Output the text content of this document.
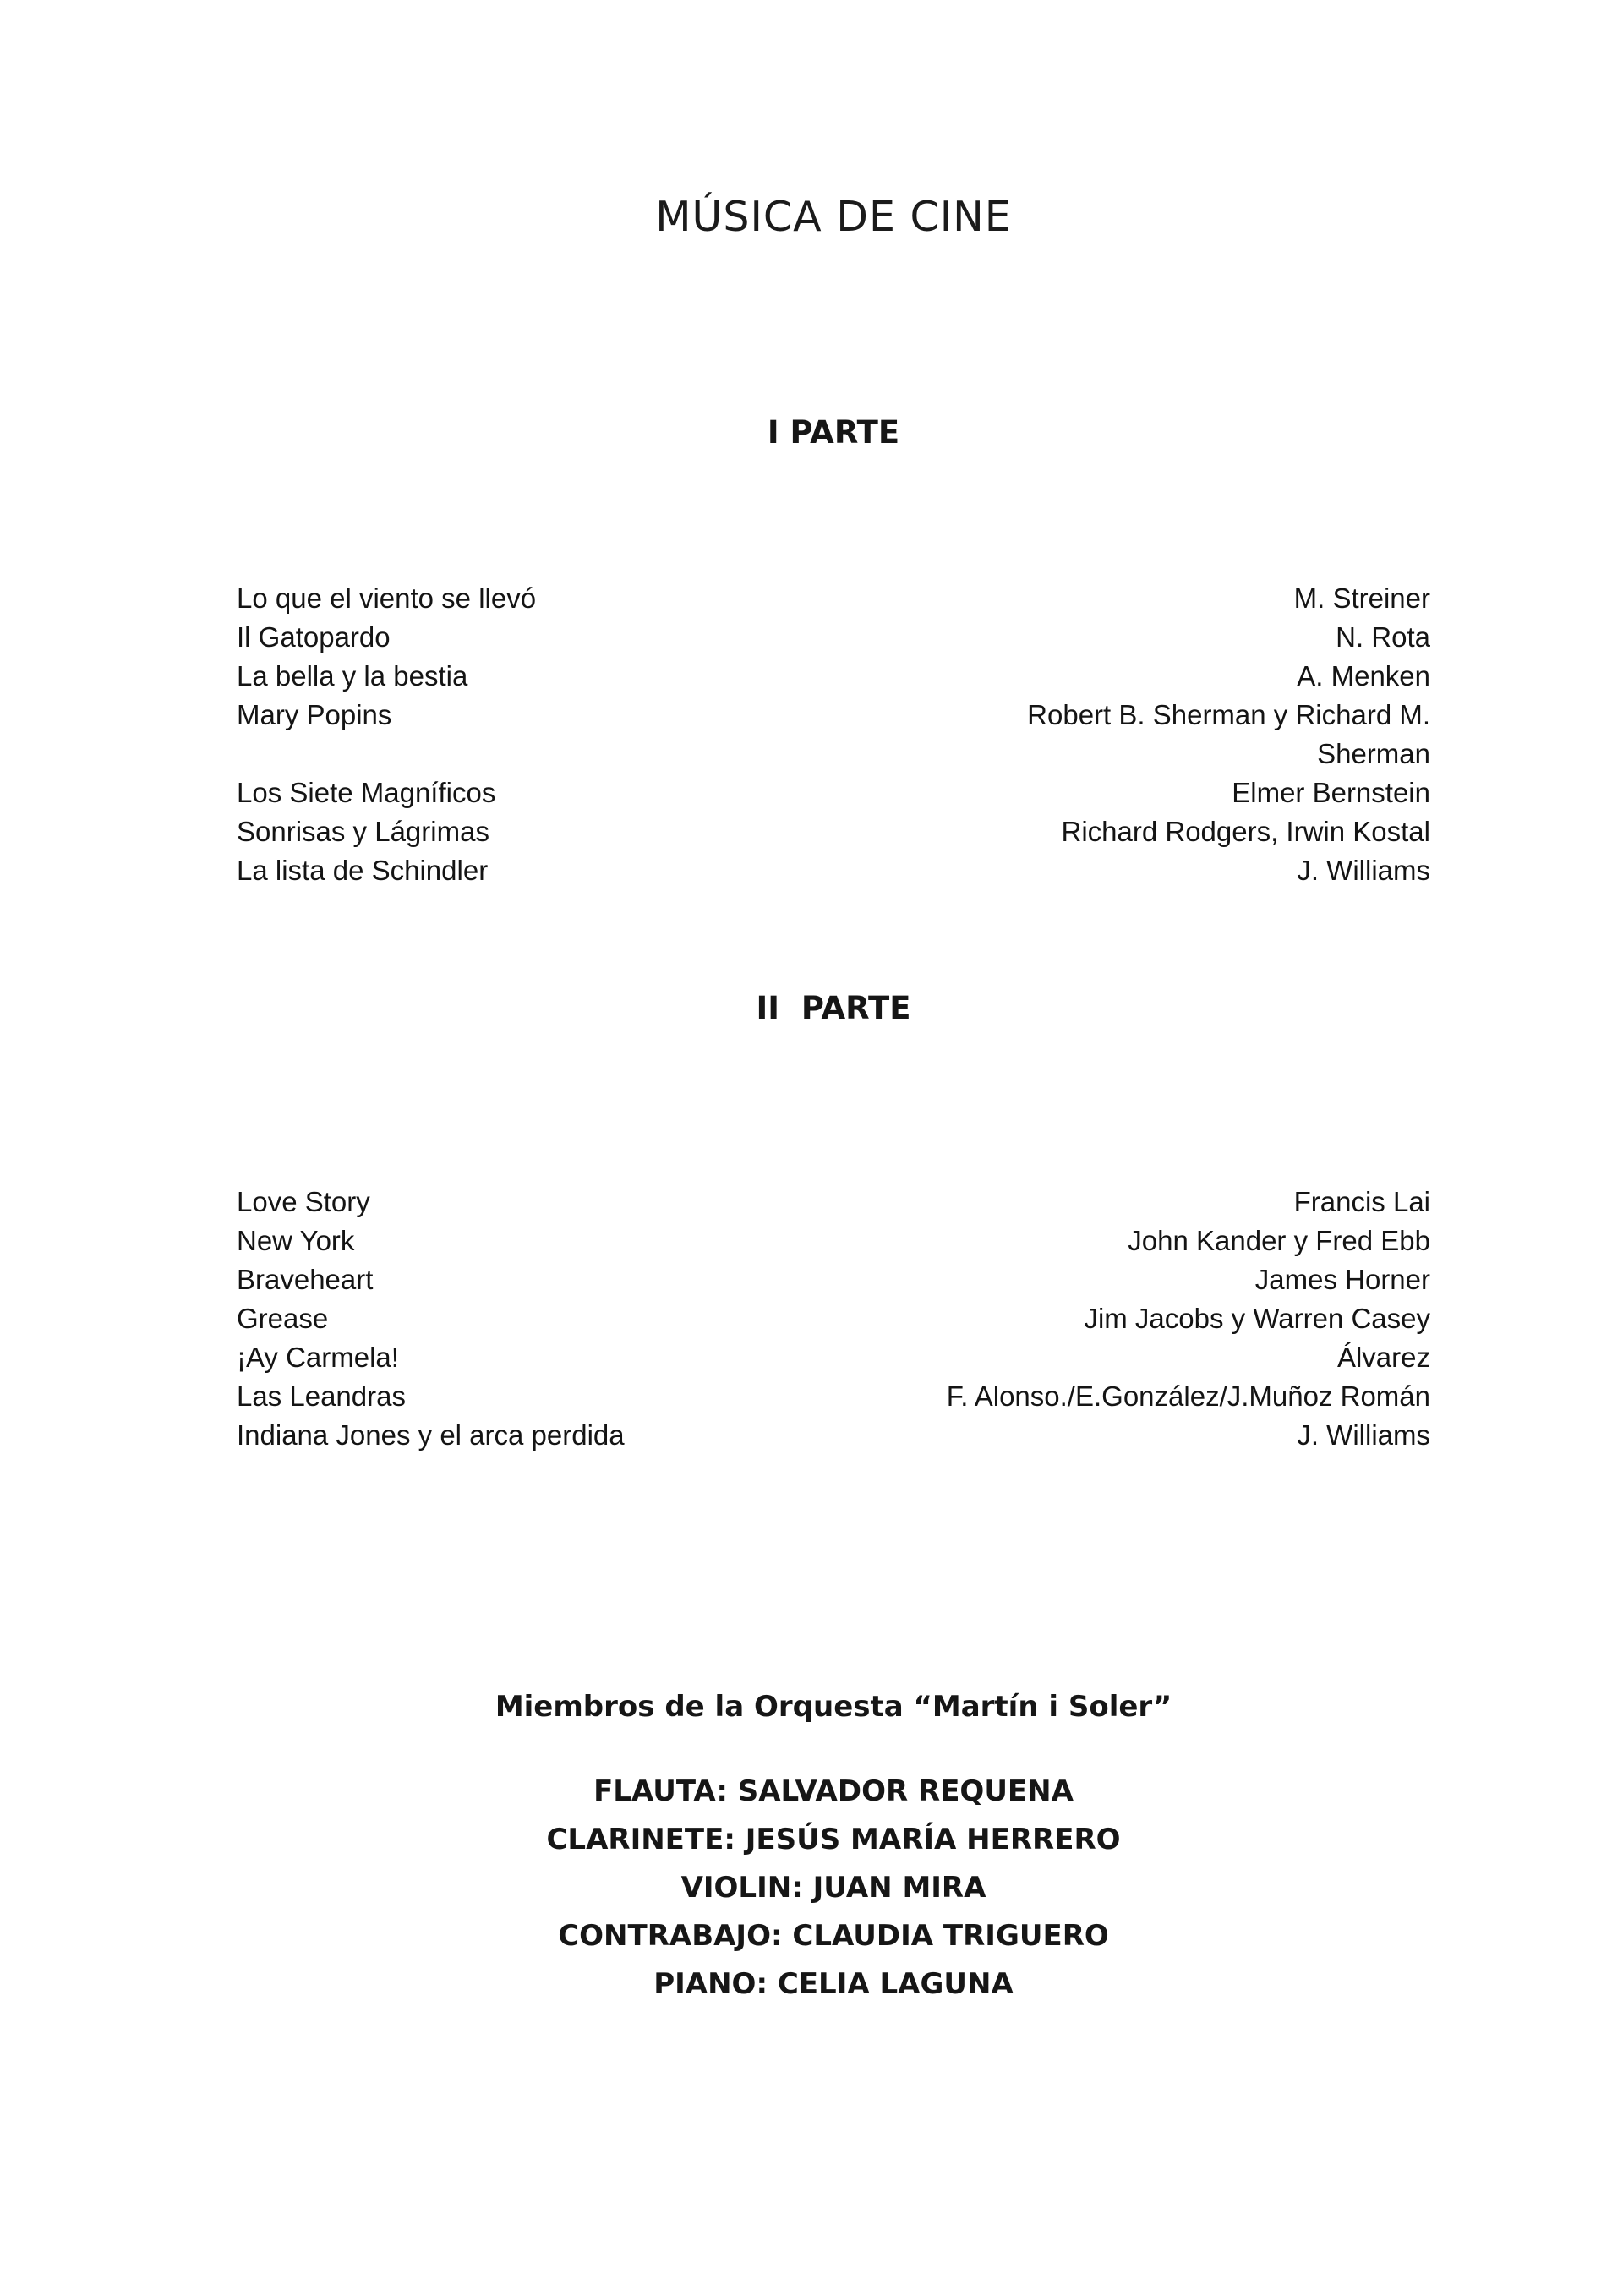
MÚSICA DE CINE
I PARTE
Lo que el viento se llevó	M. Streiner
Il Gatopardo	N. Rota
La bella y la bestia	A. Menken
Mary Popins	Robert B. Sherman y Richard M. Sherman
Los Siete Magníficos	Elmer Bernstein
Sonrisas y Lágrimas	Richard Rodgers, Irwin Kostal
La lista de Schindler	J. Williams
II PARTE
Love Story	Francis Lai
New York	John Kander y Fred Ebb
Braveheart	James Horner
Grease	Jim Jacobs y Warren Casey
¡Ay Carmela!	Álvarez
Las Leandras	F. Alonso./E.González/J.Muñoz Román
Indiana Jones y el arca perdida	J. Williams
Miembros de la Orquesta “Martín i Soler”
FLAUTA: SALVADOR REQUENA
CLARINETE: JESÚS MARÍA HERRERO
VIOLIN: JUAN MIRA
CONTRABAJO: CLAUDIA TRIGUERO
PIANO: CELIA LAGUNA
